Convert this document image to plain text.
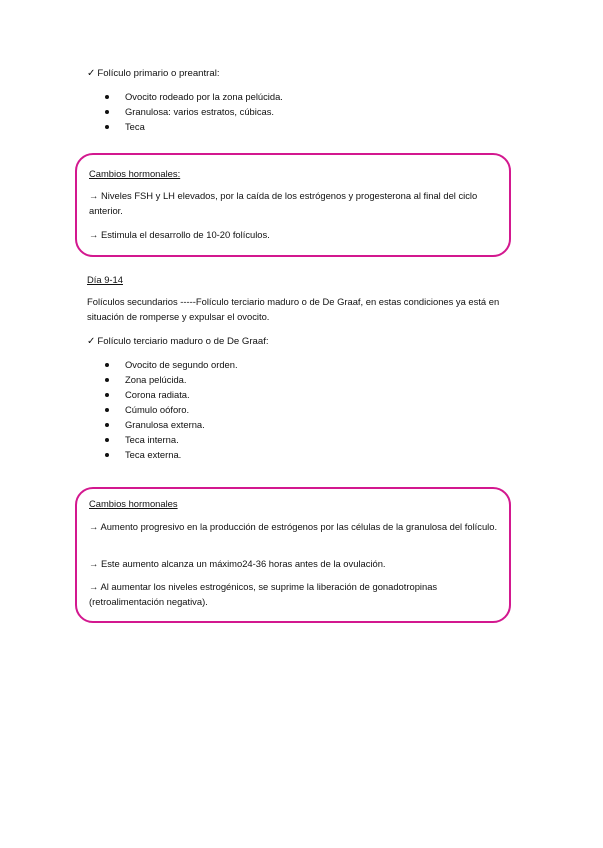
✓ Folículo primario o preantral:
Ovocito rodeado por la zona pelúcida.
Granulosa: varios estratos, cúbicas.
Teca
Cambios hormonales:
→ Niveles FSH y LH elevados, por la caída de los estrógenos y progesterona al final del ciclo anterior.
→ Estimula el desarrollo de 10-20 folículos.
Día 9-14
Folículos secundarios -----Folículo terciario maduro o de De Graaf, en estas condiciones ya está en situación de romperse y expulsar el ovocito.
✓ Folículo terciario maduro o de De Graaf:
Ovocito de segundo orden.
Zona pelúcida.
Corona radiata.
Cúmulo oóforo.
Granulosa externa.
Teca interna.
Teca externa.
Cambios hormonales
→ Aumento progresivo en la producción de estrógenos por las células de la granulosa del folículo.
→ Este aumento alcanza un máximo24-36 horas antes de la ovulación.
→ Al aumentar los niveles estrogénicos, se suprime la liberación de gonadotropinas (retroalimentación negativa).
